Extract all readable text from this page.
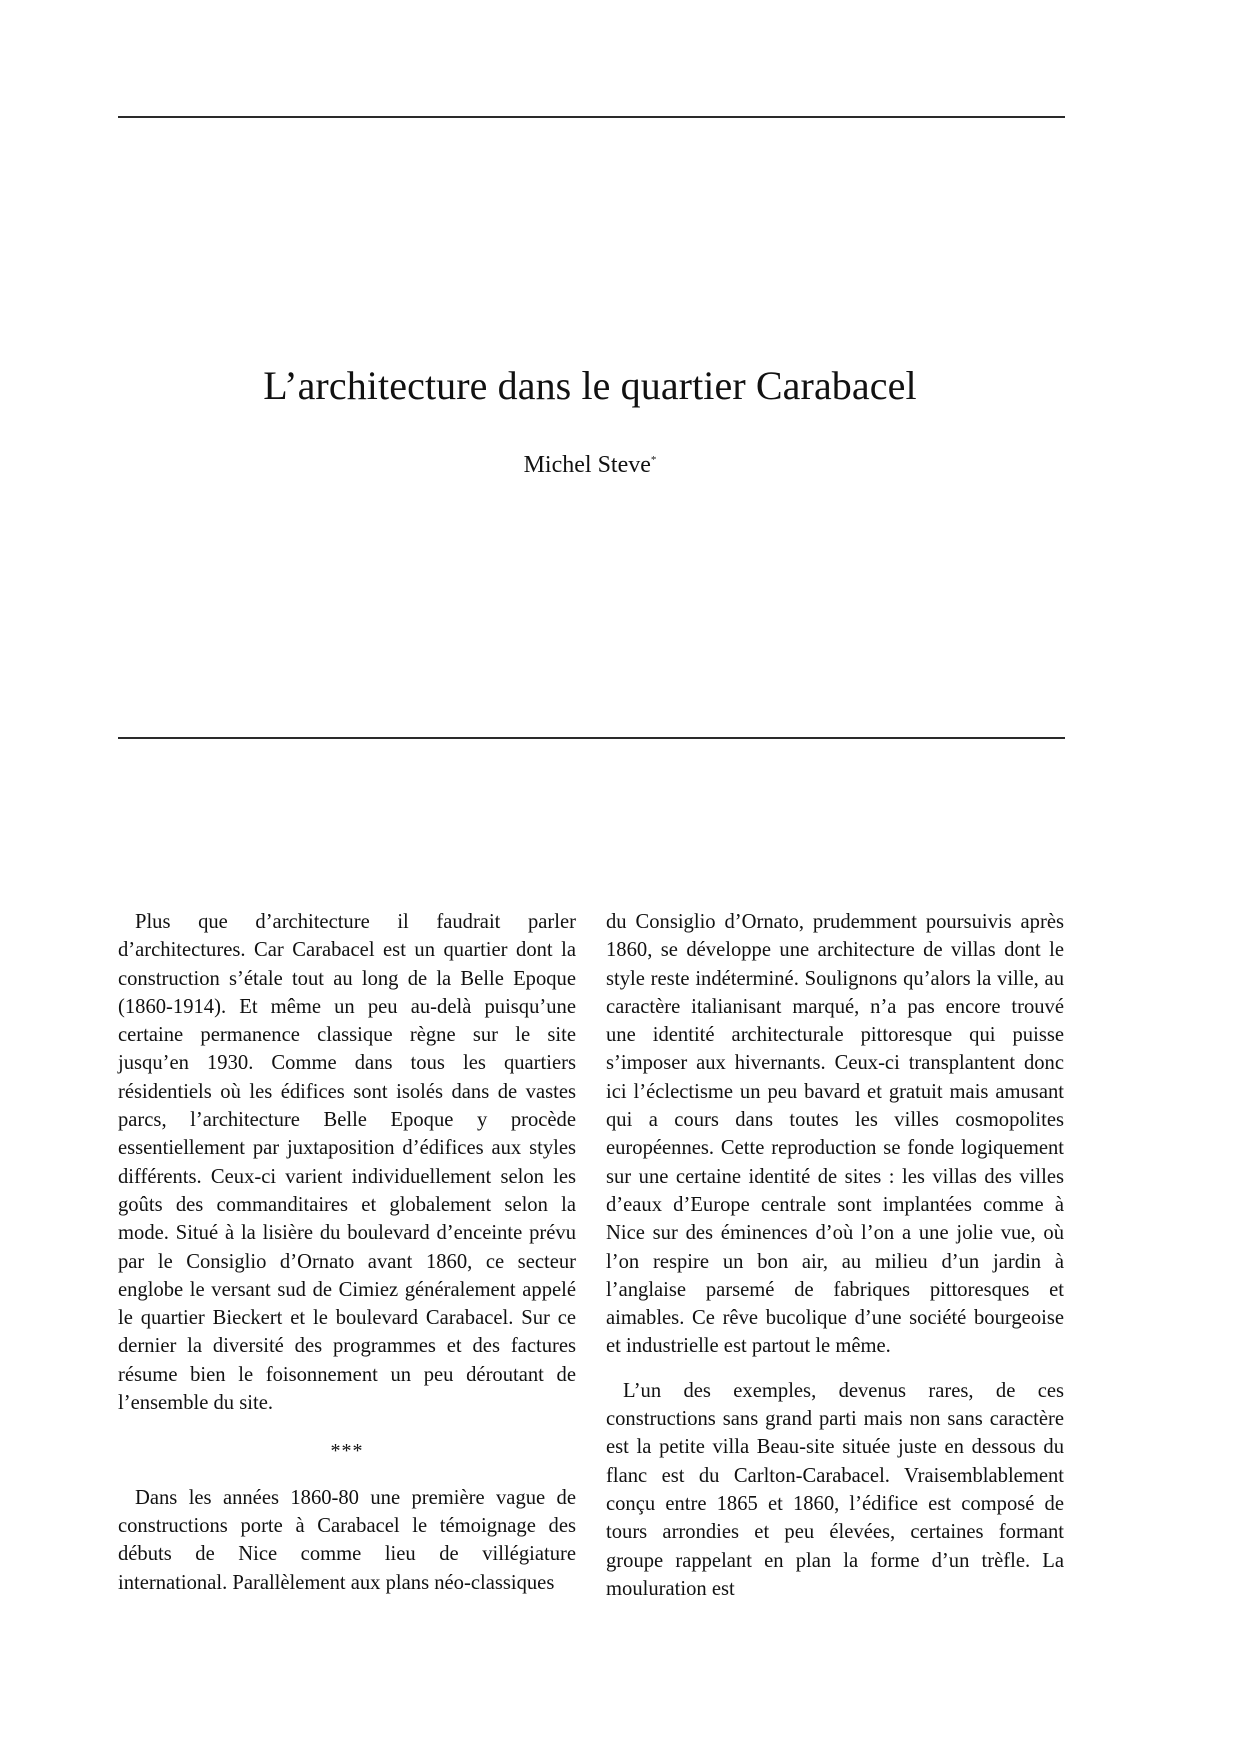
L’architecture dans le quartier Carabacel
Michel Steve*

Plus que d’architecture il faudrait parler d’architectures. Car Carabacel est un quartier dont la construction s’étale tout au long de la Belle Epoque (1860-1914). Et même un peu au-delà puisqu’une certaine permanence classique règne sur le site jusqu’en 1930. Comme dans tous les quartiers résidentiels où les édifices sont isolés dans de vastes parcs, l’architecture Belle Epoque y procède essentiellement par juxtaposition d’édifices aux styles différents. Ceux-ci varient individuellement selon les goûts des commanditaires et globalement selon la mode. Situé à la lisière du boulevard d’enceinte prévu par le Consiglio d’Ornato avant 1860, ce secteur englobe le versant sud de Cimiez généralement appelé le quartier Bieckert et le boulevard Carabacel. Sur ce dernier la diversité des programmes et des factures résume bien le foisonnement un peu déroutant de l’ensemble du site.

***

Dans les années 1860-80 une première vague de constructions porte à Carabacel le témoignage des débuts de Nice comme lieu de villégiature international. Parallèlement aux plans néo-classiques

du Consiglio d’Ornato, prudemment poursuivis après 1860, se développe une architecture de villas dont le style reste indéterminé. Soulignons qu’alors la ville, au caractère italianisant marqué, n’a pas encore trouvé une identité architecturale pittoresque qui puisse s’imposer aux hivernants. Ceux-ci transplantent donc ici l’éclectisme un peu bavard et gratuit mais amusant qui a cours dans toutes les villes cosmopolites européennes. Cette reproduction se fonde logiquement sur une certaine identité de sites : les villas des villes d’eaux d’Europe centrale sont implantées comme à Nice sur des éminences d’où l’on a une jolie vue, où l’on respire un bon air, au milieu d’un jardin à l’anglaise parsemé de fabriques pittoresques et aimables. Ce rêve bucolique d’une société bourgeoise et industrielle est partout le même.

L’un des exemples, devenus rares, de ces constructions sans grand parti mais non sans caractère est la petite villa Beau-site située juste en dessous du flanc est du Carlton-Carabacel. Vraisemblablement conçu entre 1865 et 1860, l’édifice est composé de tours arrondies et peu élevées, certaines formant groupe rappelant en plan la forme d’un trèfle. La mouluration est
